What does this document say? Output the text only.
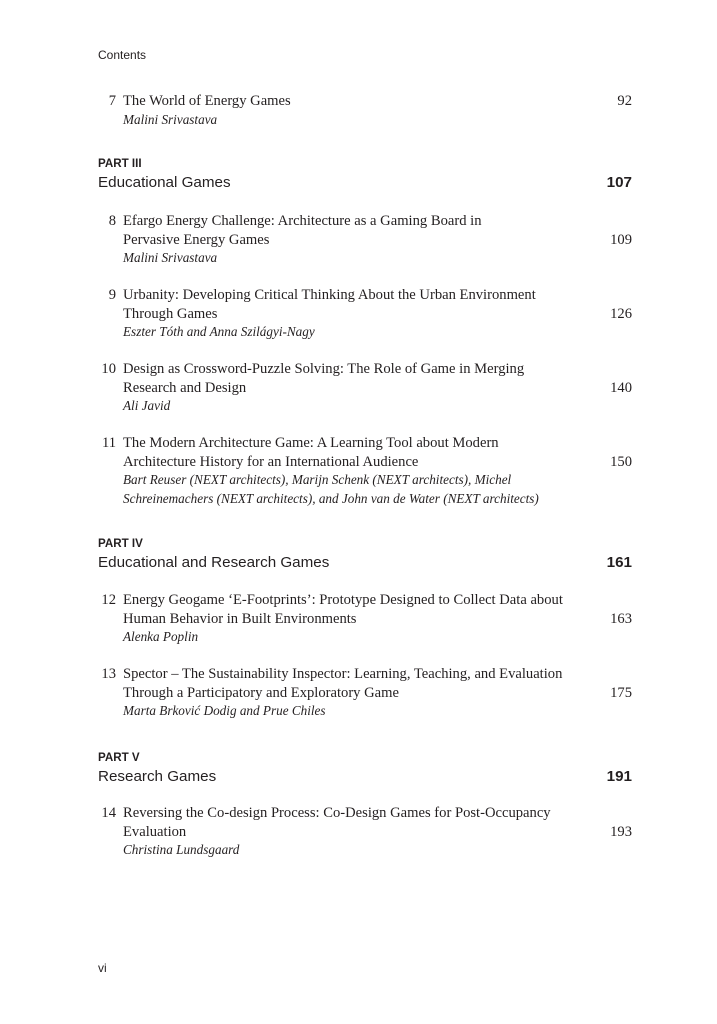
Contents
7 The World of Energy Games	92
Malini Srivastava
PART III
Educational Games	107
8 Efargo Energy Challenge: Architecture as a Gaming Board in
Pervasive Energy Games	109
Malini Srivastava
9 Urbanity: Developing Critical Thinking About the Urban Environment
Through Games	126
Eszter Tóth and Anna Szilágyi-Nagy
10 Design as Crossword-Puzzle Solving: The Role of Game in Merging
Research and Design	140
Ali Javid
11 The Modern Architecture Game: A Learning Tool about Modern
Architecture History for an International Audience	150
Bart Reuser (NEXT architects), Marijn Schenk (NEXT architects), Michel
Schreinemachers (NEXT architects), and John van de Water (NEXT architects)
PART IV
Educational and Research Games	161
12 Energy Geogame ‘E-Footprints’: Prototype Designed to Collect Data about
Human Behavior in Built Environments	163
Alenka Poplin
13 Spector – The Sustainability Inspector: Learning, Teaching, and Evaluation
Through a Participatory and Exploratory Game	175
Marta Brković Dodig and Prue Chiles
PART V
Research Games	191
14 Reversing the Co-design Process: Co-Design Games for Post-Occupancy
Evaluation	193
Christina Lundsgaard
vi
